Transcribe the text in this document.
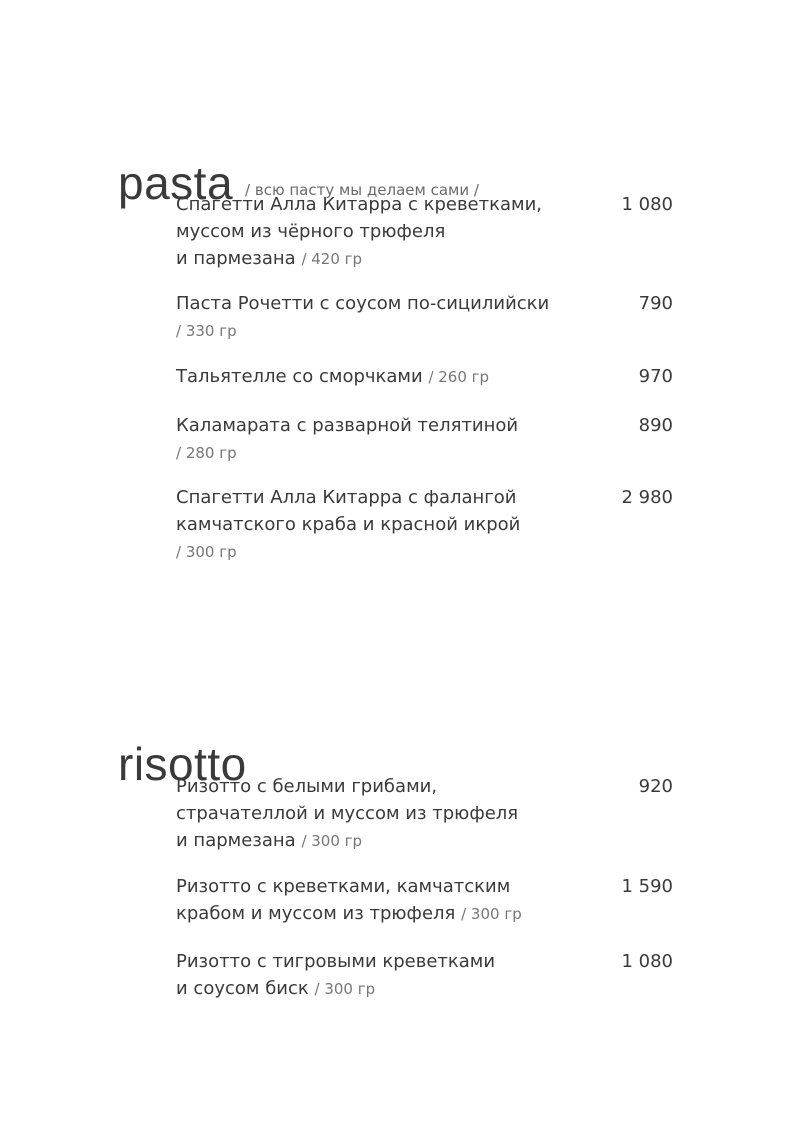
pasta / всю пасту мы делаем сами /
Спагетти Алла Китарра с креветками,
муссом из чёрного трюфеля
и пармезана / 420 гр
1 080
Паста Рочетти с соусом по-сицилийски
/ 330 гр
790
Тальятелле со сморчками / 260 гр	970
Каламарата с разварной телятиной
/ 280 гр
890
Спагетти Алла Китарра с фалангой
камчатского краба и красной икрой
/ 300 гр
2 980
risotto
Ризотто с белыми грибами,
страчателлой и муссом из трюфеля
и пармезана / 300 гр
920
Ризотто с креветками, камчатским
крабом и муссом из трюфеля / 300 гр
1 590
Ризотто с тигровыми креветками
и соусом биск / 300 гр
1 080
